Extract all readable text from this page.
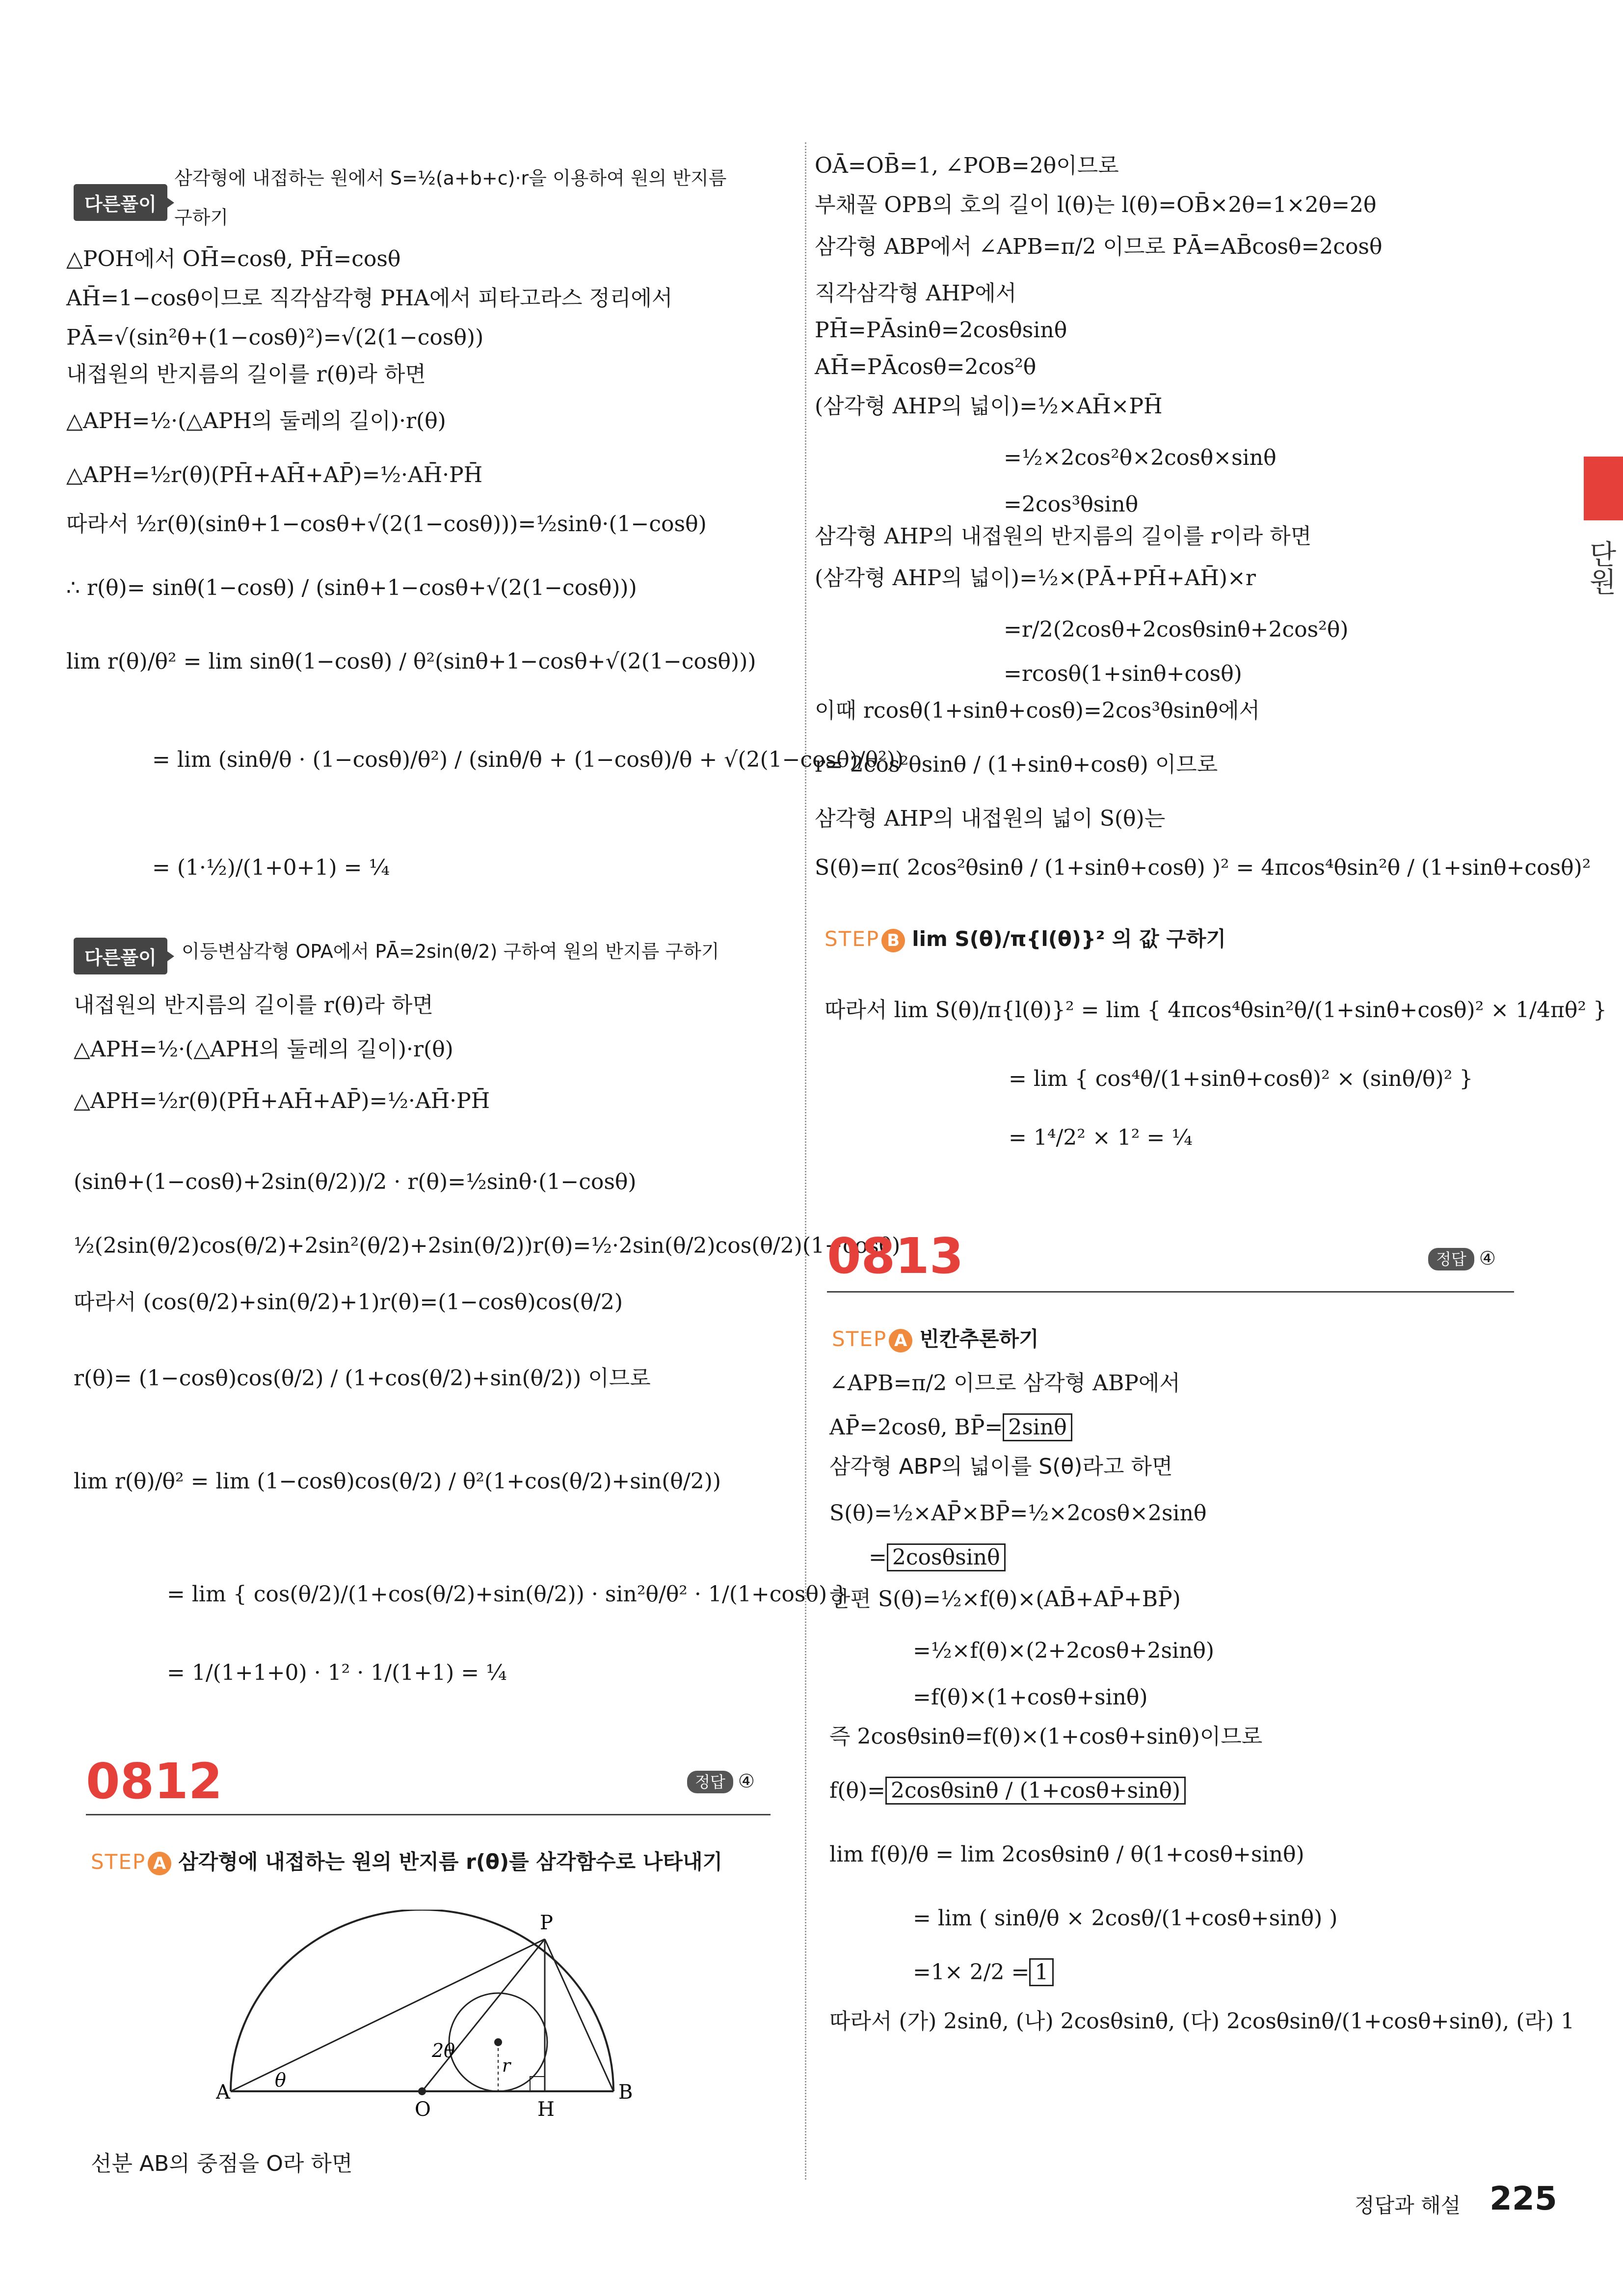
단원
다른풀이
삼각형에 내접하는 원에서 S=½(a+b+c)·r을 이용하여 원의 반지름
구하기
△POH에서 OH̄=cosθ, PH̄=cosθ
AH̄=1−cosθ이므로 직각삼각형 PHA에서 피타고라스 정리에서
PĀ=√(sin²θ+(1−cosθ)²)=√(2(1−cosθ))
내접원의 반지름의 길이를 r(θ)라 하면
△APH=½·(△APH의 둘레의 길이)·r(θ)
△APH=½r(θ)(PH̄+AH̄+AP̄)=½·AH̄·PH̄
따라서 ½r(θ)(sinθ+1−cosθ+√(2(1−cosθ)))=½sinθ·(1−cosθ)
∴ r(θ)= sinθ(1−cosθ) / (sinθ+1−cosθ+√(2(1−cosθ)))
lim r(θ)/θ² = lim sinθ(1−cosθ) / θ²(sinθ+1−cosθ+√(2(1−cosθ)))
= lim (sinθ/θ · (1−cosθ)/θ²) / (sinθ/θ + (1−cosθ)/θ + √(2(1−cosθ)/θ²))
= (1·½)/(1+0+1) = ¼
다른풀이	이등변삼각형 OPA에서 PĀ=2sin(θ/2) 구하여 원의 반지름 구하기
내접원의 반지름의 길이를 r(θ)라 하면
△APH=½·(△APH의 둘레의 길이)·r(θ)
△APH=½r(θ)(PH̄+AH̄+AP̄)=½·AH̄·PH̄
(sinθ+(1−cosθ)+2sin(θ/2))/2 · r(θ)=½sinθ·(1−cosθ)
½(2sin(θ/2)cos(θ/2)+2sin²(θ/2)+2sin(θ/2))r(θ)=½·2sin(θ/2)cos(θ/2)(1−cosθ)
따라서 (cos(θ/2)+sin(θ/2)+1)r(θ)=(1−cosθ)cos(θ/2)
r(θ)= (1−cosθ)cos(θ/2) / (1+cos(θ/2)+sin(θ/2)) 이므로
lim r(θ)/θ² = lim (1−cosθ)cos(θ/2) / θ²(1+cos(θ/2)+sin(θ/2))
= lim { cos(θ/2)/(1+cos(θ/2)+sin(θ/2)) · sin²θ/θ² · 1/(1+cosθ) }
= 1/(1+1+0) · 1² · 1/(1+1) = ¼
0812	정답 ④
STEP A 삼각형에 내접하는 원의 반지름 r(θ)를 삼각함수로 나타내기
P
A	B
O	H
θ
2θ
r
선분 AB의 중점을 O라 하면
OĀ=OB̄=1, ∠POB=2θ이므로
부채꼴 OPB의 호의 길이 l(θ)는 l(θ)=OB̄×2θ=1×2θ=2θ
삼각형 ABP에서 ∠APB=π/2 이므로 PĀ=AB̄cosθ=2cosθ
직각삼각형 AHP에서
PH̄=PĀsinθ=2cosθsinθ
AH̄=PĀcosθ=2cos²θ
(삼각형 AHP의 넓이)=½×AH̄×PH̄
=½×2cos²θ×2cosθ×sinθ
=2cos³θsinθ
삼각형 AHP의 내접원의 반지름의 길이를 r이라 하면
(삼각형 AHP의 넓이)=½×(PĀ+PH̄+AH̄)×r
=r/2(2cosθ+2cosθsinθ+2cos²θ)
=rcosθ(1+sinθ+cosθ)
이때 rcosθ(1+sinθ+cosθ)=2cos³θsinθ에서
r= 2cos²θsinθ / (1+sinθ+cosθ) 이므로
삼각형 AHP의 내접원의 넓이 S(θ)는
S(θ)=π( 2cos²θsinθ / (1+sinθ+cosθ) )² = 4πcos⁴θsin²θ / (1+sinθ+cosθ)²
STEP B lim S(θ)/π{l(θ)}² 의 값 구하기
따라서 lim S(θ)/π{l(θ)}² = lim { 4πcos⁴θsin²θ/(1+sinθ+cosθ)² × 1/4πθ² }
= lim { cos⁴θ/(1+sinθ+cosθ)² × (sinθ/θ)² }
= 1⁴/2² × 1² = ¼
0813	정답 ④
STEP A 빈칸추론하기
∠APB=π/2 이므로 삼각형 ABP에서
AP̄=2cosθ, BP̄= 2sinθ
삼각형 ABP의 넓이를 S(θ)라고 하면
S(θ)=½×AP̄×BP̄=½×2cosθ×2sinθ
= 2cosθsinθ
한편 S(θ)=½×f(θ)×(AB̄+AP̄+BP̄)
=½×f(θ)×(2+2cosθ+2sinθ)
=f(θ)×(1+cosθ+sinθ)
즉 2cosθsinθ=f(θ)×(1+cosθ+sinθ)이므로
f(θ)= 2cosθsinθ / (1+cosθ+sinθ)
lim f(θ)/θ = lim 2cosθsinθ / θ(1+cosθ+sinθ)
= lim ( sinθ/θ × 2cosθ/(1+cosθ+sinθ) )
=1× 2/2 = 1
따라서 (가) 2sinθ, (나) 2cosθsinθ, (다) 2cosθsinθ/(1+cosθ+sinθ), (라) 1
정답과 해설 225
